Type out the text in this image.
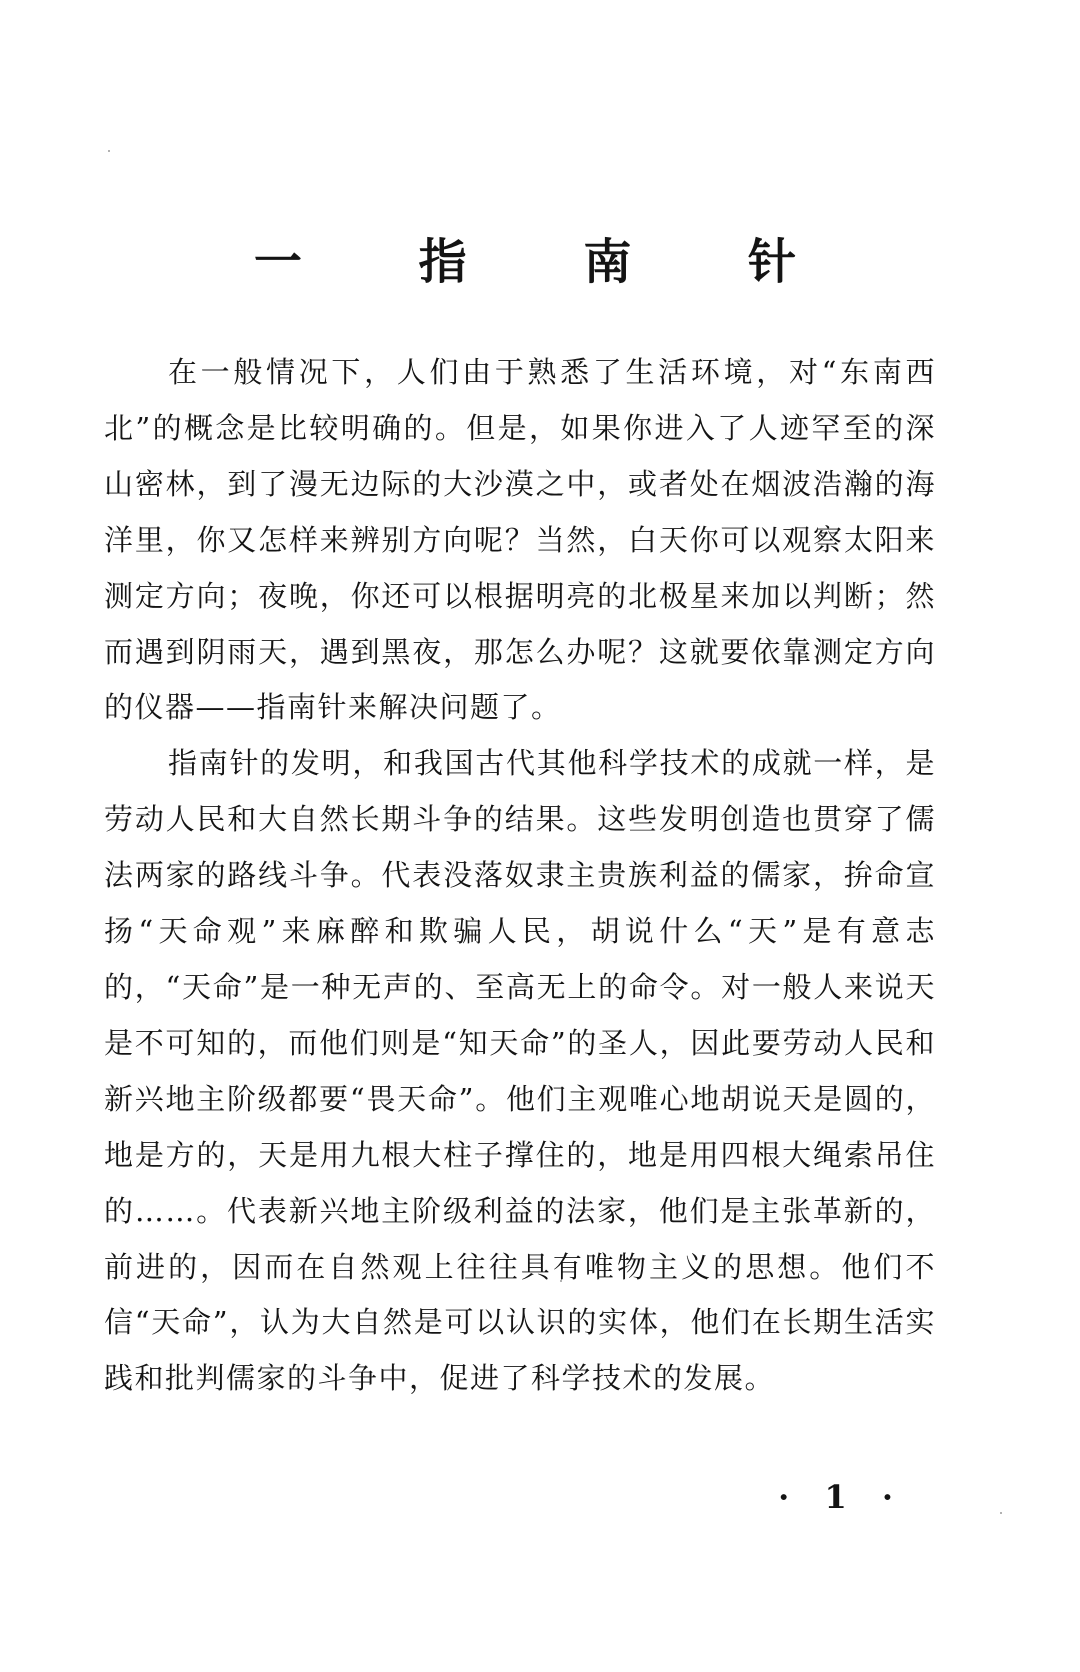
一 指 南 针

在一般情况下，人们由于熟悉了生活环境，对“东南西北”的概念是比较明确的。但是，如果你进入了人迹罕至的深山密林，到了漫无边际的大沙漠之中，或者处在烟波浩瀚的海洋里，你又怎样来辨别方向呢？当然，白天你可以观察太阳来测定方向；夜晚，你还可以根据明亮的北极星来加以判断；然而遇到阴雨天，遇到黑夜，那怎么办呢？这就要依靠测定方向的仪器——指南针来解决问题了。

指南针的发明，和我国古代其他科学技术的成就一样，是劳动人民和大自然长期斗争的结果。这些发明创造也贯穿了儒法两家的路线斗争。代表没落奴隶主贵族利益的儒家，拚命宣扬“天命观”来麻醉和欺骗人民，胡说什么“天”是有意志的，“天命”是一种无声的、至高无上的命令。对一般人来说天是不可知的，而他们则是“知天命”的圣人，因此要劳动人民和新兴地主阶级都要“畏天命”。他们主观唯心地胡说天是圆的，地是方的，天是用九根大柱子撑住的，地是用四根大绳索吊住的……。代表新兴地主阶级利益的法家，他们是主张革新的，前进的，因而在自然观上往往具有唯物主义的思想。他们不信“天命”，认为大自然是可以认识的实体，他们在长期生活实践和批判儒家的斗争中，促进了科学技术的发展。

· 1 ·
